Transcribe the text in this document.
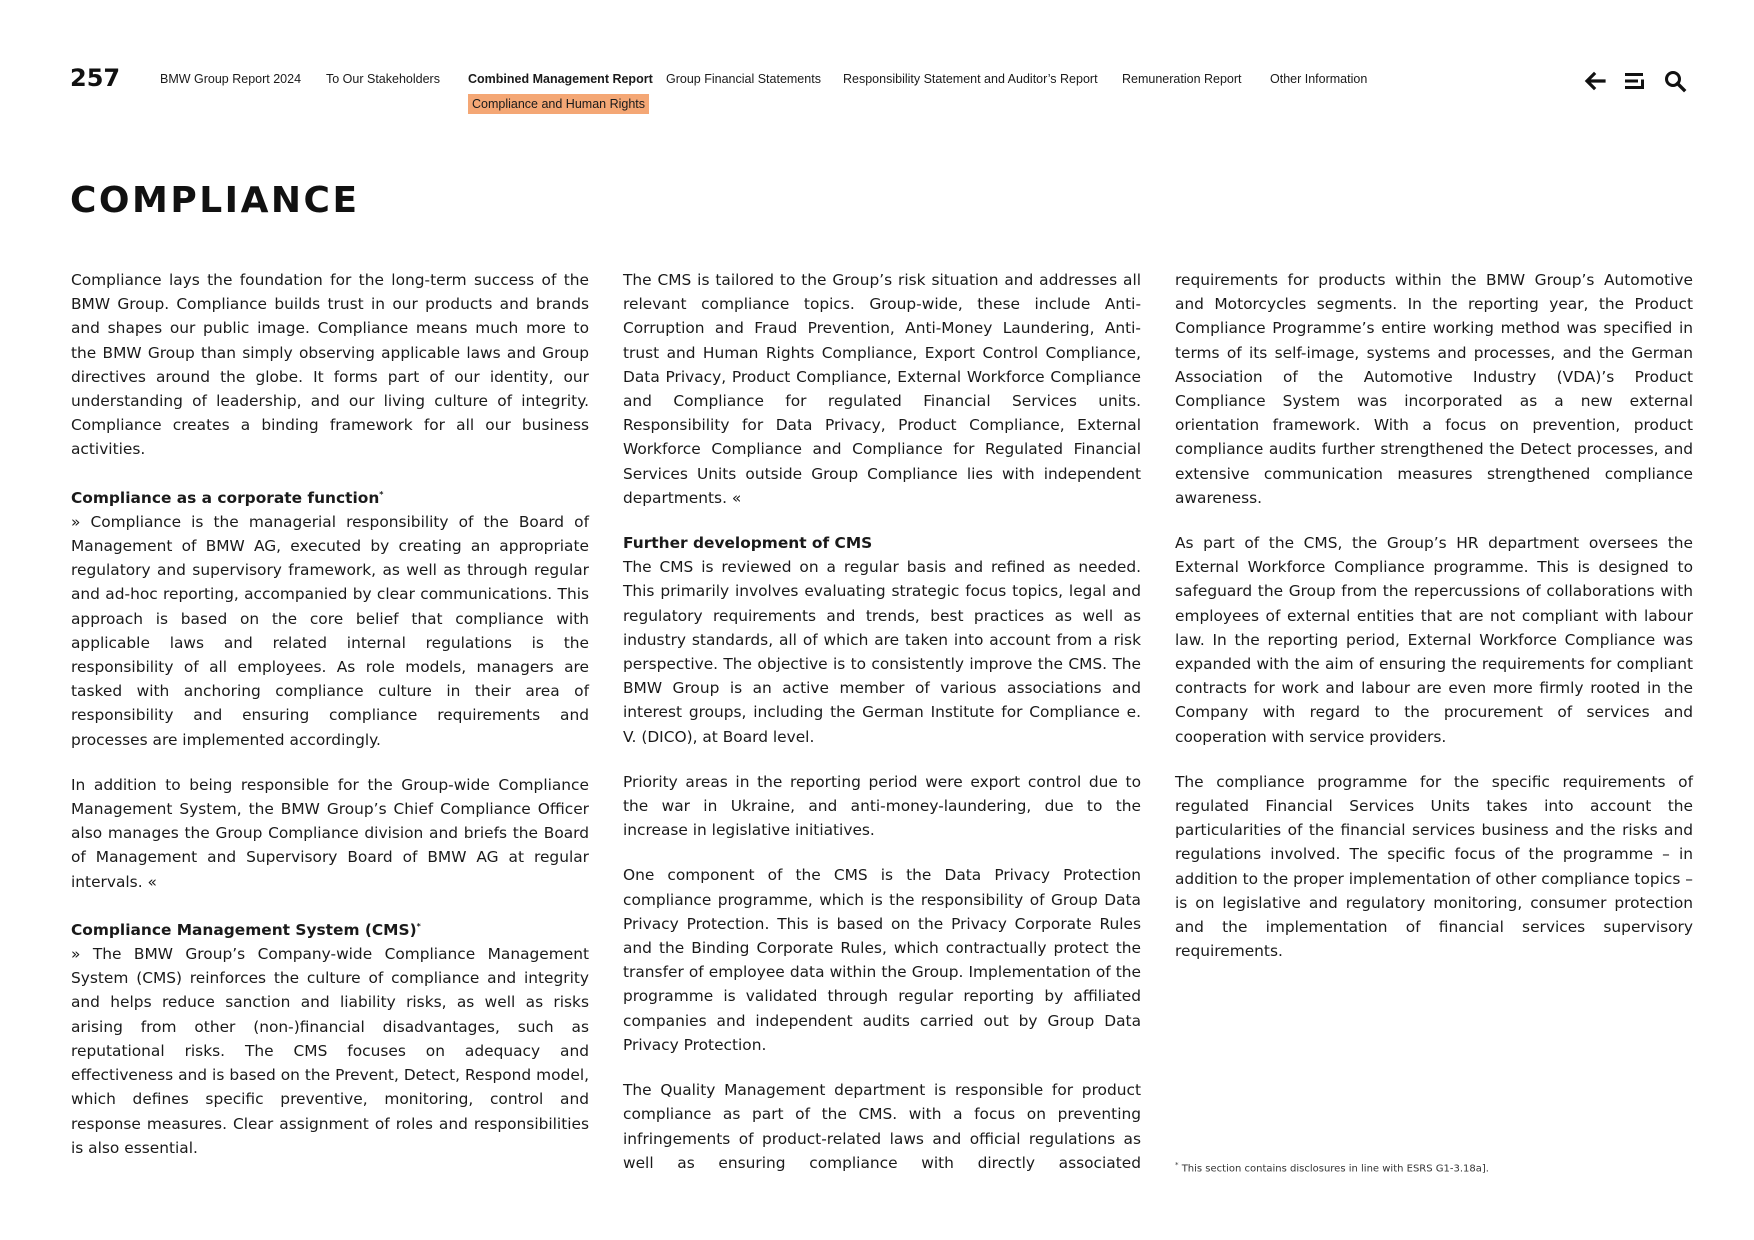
257	BMW Group Report 2024 To Our Stakeholders Combined Management Report Group Financial Statements Responsibility Statement and Auditor’s Report Remuneration Report Other Information
Compliance and Human Rights
COMPLIANCE

Compliance lays the foundation for the long-term success of the BMW Group. Compliance builds trust in our products and brands and shapes our public image. Compliance means much more to the BMW Group than simply observing applicable laws and Group directives around the globe. It forms part of our identity, our understanding of leadership, and our living culture of integrity. Compliance creates a binding framework for all our business activities.

Compliance as a corporate function*

» Compliance is the managerial responsibility of the Board of Management of BMW AG, executed by creating an appropriate regulatory and supervisory framework, as well as through regular and ad-hoc reporting, accompanied by clear communications. This approach is based on the core belief that compliance with applicable laws and related internal regulations is the responsibility of all employees. As role models, managers are tasked with anchoring compliance culture in their area of responsibility and ensuring compliance requirements and processes are implemented accordingly.

In addition to being responsible for the Group-wide Compliance Management System, the BMW Group’s Chief Compliance Officer also manages the Group Compliance division and briefs the Board of Management and Supervisory Board of BMW AG at regular intervals. «

Compliance Management System (CMS)*

» The BMW Group’s Company-wide Compliance Management System (CMS) reinforces the culture of compliance and integrity and helps reduce sanction and liability risks, as well as risks arising from other (non-)financial disadvantages, such as reputational risks. The CMS focuses on adequacy and effectiveness and is based on the Prevent, Detect, Respond model, which defines specific preventive, monitoring, control and response measures. Clear assignment of roles and responsibilities is also essential.

The CMS is tailored to the Group’s risk situation and addresses all relevant compliance topics. Group-wide, these include Anti-Corruption and Fraud Prevention, Anti-Money Laundering, Anti-trust and Human Rights Compliance, Export Control Compliance, Data Privacy, Product Compliance, External Workforce Compliance and Compliance for regulated Financial Services units. Responsibility for Data Privacy, Product Compliance, External Workforce Compliance and Compliance for Regulated Financial Services Units outside Group Compliance lies with independent departments. «

Further development of CMS

The CMS is reviewed on a regular basis and refined as needed. This primarily involves evaluating strategic focus topics, legal and regulatory requirements and trends, best practices as well as industry standards, all of which are taken into account from a risk perspective. The objective is to consistently improve the CMS. The BMW Group is an active member of various associations and interest groups, including the German Institute for Compliance e. V. (DICO), at Board level.

Priority areas in the reporting period were export control due to the war in Ukraine, and anti-money-laundering, due to the increase in legislative initiatives.

One component of the CMS is the Data Privacy Protection compliance programme, which is the responsibility of Group Data Privacy Protection. This is based on the Privacy Corporate Rules and the Binding Corporate Rules, which contractually protect the transfer of employee data within the Group. Implementation of the programme is validated through regular reporting by affiliated companies and independent audits carried out by Group Data Privacy Protection.

The Quality Management department is responsible for product compliance as part of the CMS. with a focus on preventing infringements of product-related laws and official regulations as well as ensuring compliance with directly associated

requirements for products within the BMW Group’s Automotive and Motorcycles segments. In the reporting year, the Product Compliance Programme’s entire working method was specified in terms of its self-image, systems and processes, and the German Association of the Automotive Industry (VDA)’s Product Compliance System was incorporated as a new external orientation framework. With a focus on prevention, product compliance audits further strengthened the Detect processes, and extensive communication measures strengthened compliance awareness.

As part of the CMS, the Group’s HR department oversees the External Workforce Compliance programme. This is designed to safeguard the Group from the repercussions of collaborations with employees of external entities that are not compliant with labour law. In the reporting period, External Workforce Compliance was expanded with the aim of ensuring the requirements for compliant contracts for work and labour are even more firmly rooted in the Company with regard to the procurement of services and cooperation with service providers.

The compliance programme for the specific requirements of regulated Financial Services Units takes into account the particularities of the financial services business and the risks and regulations involved. The specific focus of the programme – in addition to the proper implementation of other compliance topics – is on legislative and regulatory monitoring, consumer protection and the implementation of financial services supervisory requirements.

* This section contains disclosures in line with ESRS G1-3.18a].
